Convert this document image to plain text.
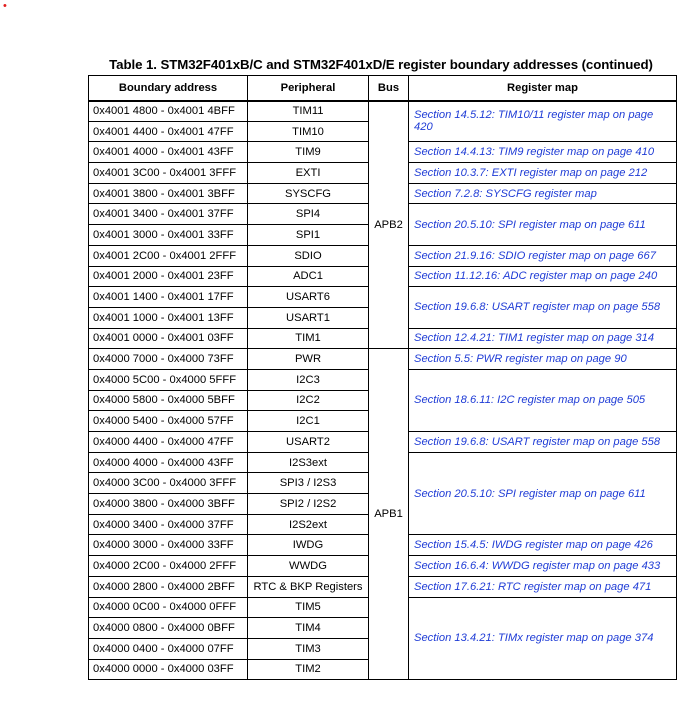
•
Table 1. STM32F401xB/C and STM32F401xD/E register boundary addresses (continued)
Boundary address	Peripheral	Bus	Register map
0x4001 4800 - 0x4001 4BFF	TIM11	APB2	Section 14.5.12: TIM10/11 register map on page 420
0x4001 4400 - 0x4001 47FF	TIM10		
0x4001 4000 - 0x4001 43FF	TIM9		Section 14.4.13: TIM9 register map on page 410
0x4001 3C00 - 0x4001 3FFF	EXTI		Section 10.3.7: EXTI register map on page 212
0x4001 3800 - 0x4001 3BFF	SYSCFG		Section 7.2.8: SYSCFG register map
0x4001 3400 - 0x4001 37FF	SPI4		Section 20.5.10: SPI register map on page 611
0x4001 3000 - 0x4001 33FF	SPI1		
0x4001 2C00 - 0x4001 2FFF	SDIO		Section 21.9.16: SDIO register map on page 667
0x4001 2000 - 0x4001 23FF	ADC1		Section 11.12.16: ADC register map on page 240
0x4001 1400 - 0x4001 17FF	USART6		Section 19.6.8: USART register map on page 558
0x4001 1000 - 0x4001 13FF	USART1		
0x4001 0000 - 0x4001 03FF	TIM1		Section 12.4.21: TIM1 register map on page 314
0x4000 7000 - 0x4000 73FF	PWR	APB1	Section 5.5: PWR register map on page 90
0x4000 5C00 - 0x4000 5FFF	I2C3		Section 18.6.11: I2C register map on page 505
0x4000 5800 - 0x4000 5BFF	I2C2		
0x4000 5400 - 0x4000 57FF	I2C1		
0x4000 4400 - 0x4000 47FF	USART2		Section 19.6.8: USART register map on page 558
0x4000 4000 - 0x4000 43FF	I2S3ext		Section 20.5.10: SPI register map on page 611
0x4000 3C00 - 0x4000 3FFF	SPI3 / I2S3		
0x4000 3800 - 0x4000 3BFF	SPI2 / I2S2		
0x4000 3400 - 0x4000 37FF	I2S2ext		
0x4000 3000 - 0x4000 33FF	IWDG		Section 15.4.5: IWDG register map on page 426
0x4000 2C00 - 0x4000 2FFF	WWDG		Section 16.6.4: WWDG register map on page 433
0x4000 2800 - 0x4000 2BFF	RTC & BKP Registers		Section 17.6.21: RTC register map on page 471
0x4000 0C00 - 0x4000 0FFF	TIM5		Section 13.4.21: TIMx register map on page 374
0x4000 0800 - 0x4000 0BFF	TIM4		
0x4000 0400 - 0x4000 07FF	TIM3		
0x4000 0000 - 0x4000 03FF	TIM2		
